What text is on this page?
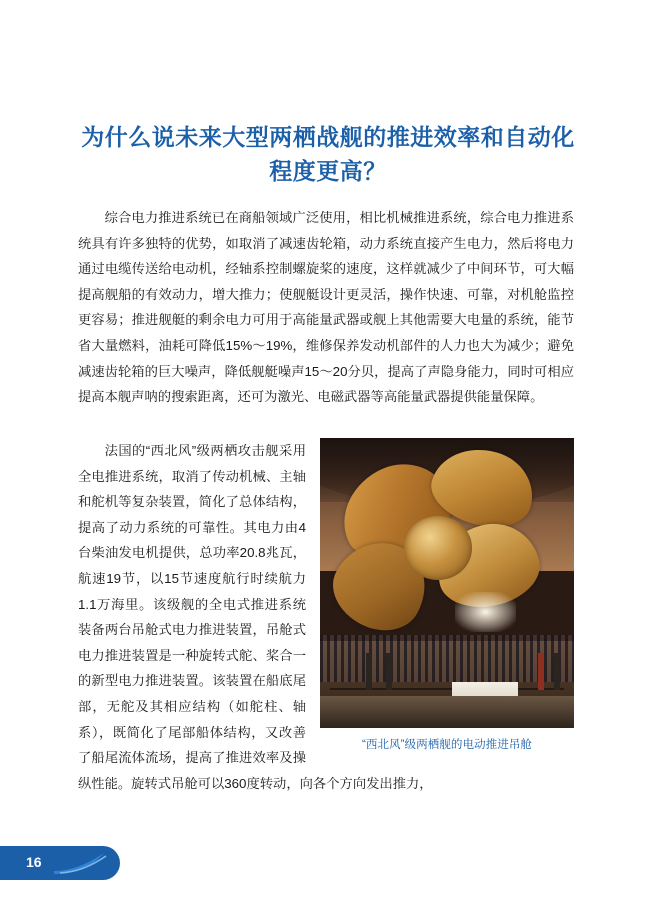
为什么说未来大型两栖战舰的推进效率和自动化程度更高？

综合电力推进系统已在商船领域广泛使用，相比机械推进系统，综合电力推进系统具有许多独特的优势，如取消了减速齿轮箱，动力系统直接产生电力，然后将电力通过电缆传送给电动机，经轴系控制螺旋桨的速度，这样就减少了中间环节，可大幅提高舰船的有效动力，增大推力；使舰艇设计更灵活，操作快速、可靠，对机舱监控更容易；推进舰艇的剩余电力可用于高能量武器或舰上其他需要大电量的系统，能节省大量燃料，油耗可降低15%～19%，维修保养发动机部件的人力也大为减少；避免减速齿轮箱的巨大噪声，降低舰艇噪声15～20分贝，提高了声隐身能力，同时可相应提高本舰声呐的搜索距离，还可为激光、电磁武器等高能量武器提供能量保障。

“西北风”级两栖舰的电动推进吊舱

法国的“西北风”级两栖攻击舰采用全电推进系统，取消了传动机械、主轴和舵机等复杂装置，简化了总体结构，提高了动力系统的可靠性。其电力由4台柴油发电机提供，总功率20.8兆瓦，航速19节，以15节速度航行时续航力1.1万海里。该级舰的全电式推进系统装备两台吊舱式电力推进装置，吊舱式电力推进装置是一种旋转式舵、桨合一的新型电力推进装置。该装置在船底尾部，无舵及其相应结构（如舵柱、轴系），既简化了尾部船体结构，又改善了船尾流体流场，提高了推进效率及操纵性能。旋转式吊舱可以360度转动，向各个方向发出推力，

16
